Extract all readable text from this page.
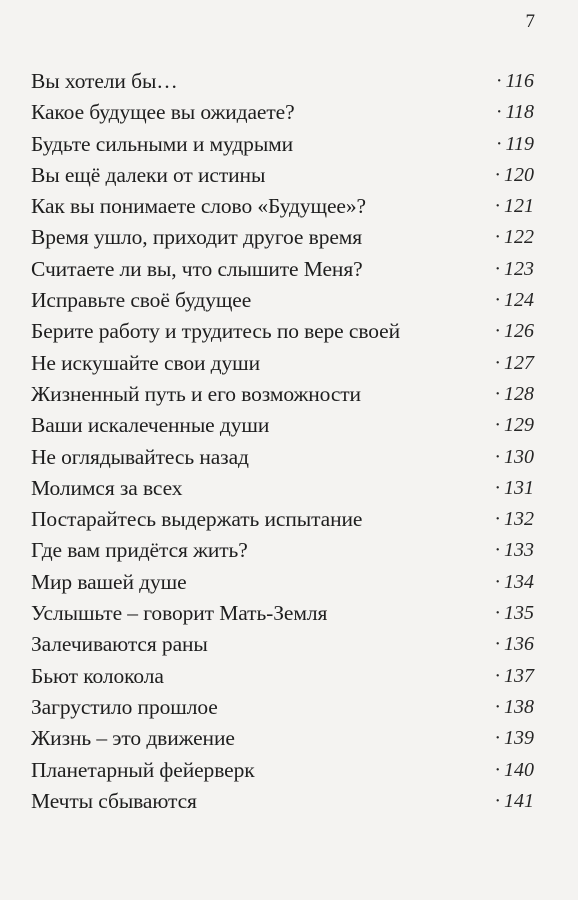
7
Вы хотели бы…	· 116
Какое будущее вы ожидаете?	· 118
Будьте сильными и мудрыми	· 119
Вы ещё далеки от истины	· 120
Как вы понимаете слово «Будущее»?	· 121
Время ушло, приходит другое время	· 122
Считаете ли вы, что слышите Меня?	· 123
Исправьте своё будущее	· 124
Берите работу и трудитесь по вере своей	· 126
Не искушайте свои души	· 127
Жизненный путь и его возможности	· 128
Ваши искалеченные души	· 129
Не оглядывайтесь назад	· 130
Молимся за всех	· 131
Постарайтесь выдержать испытание	· 132
Где вам придётся жить?	· 133
Мир вашей душе	· 134
Услышьте – говорит Мать-Земля	· 135
Залечиваются раны	· 136
Бьют колокола	· 137
Загрустило прошлое	· 138
Жизнь – это движение	· 139
Планетарный фейерверк	· 140
Мечты сбываются	· 141
